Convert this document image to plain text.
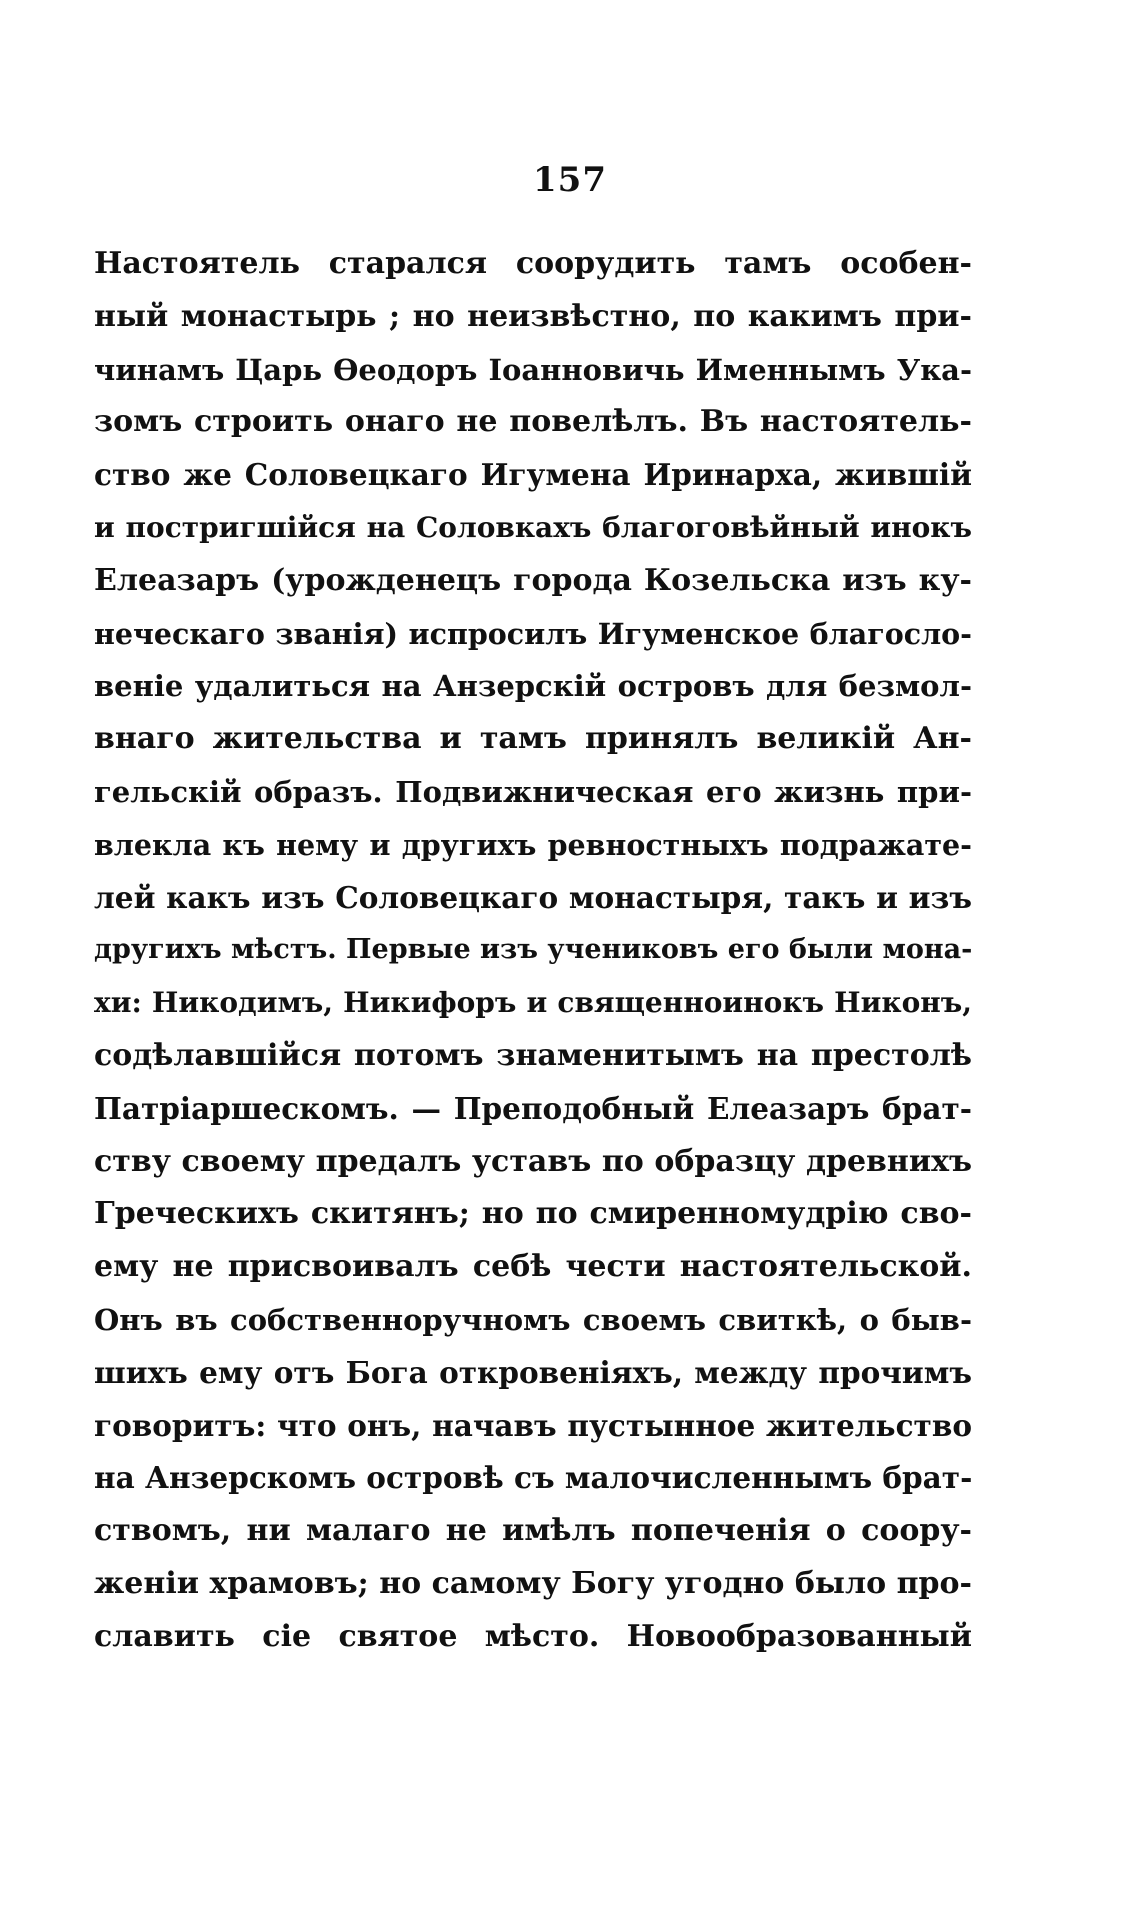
157
Настоятель старался соорудить тамъ особен-
ный монастырь ; но неизвѣстно, по какимъ при-
чинамъ Царь Ѳеодоръ Іоанновичь Именнымъ Ука-
зомъ строить онаго не повелѣлъ. Въ настоятель-
ство же Соловецкаго Игумена Иринарха, жившій
и постригшійся на Соловкахъ благоговѣйный инокъ
Елеазаръ (урожденецъ города Козельска изъ ку-
неческаго званія) испросилъ Игуменское благосло-
веніе удалиться на Анзерскій островъ для безмол-
внаго жительства и тамъ принялъ великій Ан-
гельскій образъ. Подвижническая его жизнь при-
влекла къ нему и другихъ ревностныхъ подражате-
лей какъ изъ Соловецкаго монастыря, такъ и изъ
другихъ мѣстъ. Первые изъ учениковъ его были мона-
хи: Никодимъ, Никифоръ и священноинокъ Никонъ,
содѣлавшійся потомъ знаменитымъ на престолѣ
Патріаршескомъ. — Преподобный Елеазаръ брат-
ству своему предалъ уставъ по образцу древнихъ
Греческихъ скитянъ; но по смиренномудрію сво-
ему не присвоивалъ себѣ чести настоятельской.
Онъ въ собственноручномъ своемъ свиткѣ, о быв-
шихъ ему отъ Бога откровеніяхъ, между прочимъ
говоритъ: что онъ, начавъ пустынное жительство
на Анзерскомъ островѣ съ малочисленнымъ брат-
ствомъ, ни малаго не имѣлъ попеченія о соору-
женіи храмовъ; но самому Богу угодно было про-
славить сіе святое мѣсто. Новообразованный
